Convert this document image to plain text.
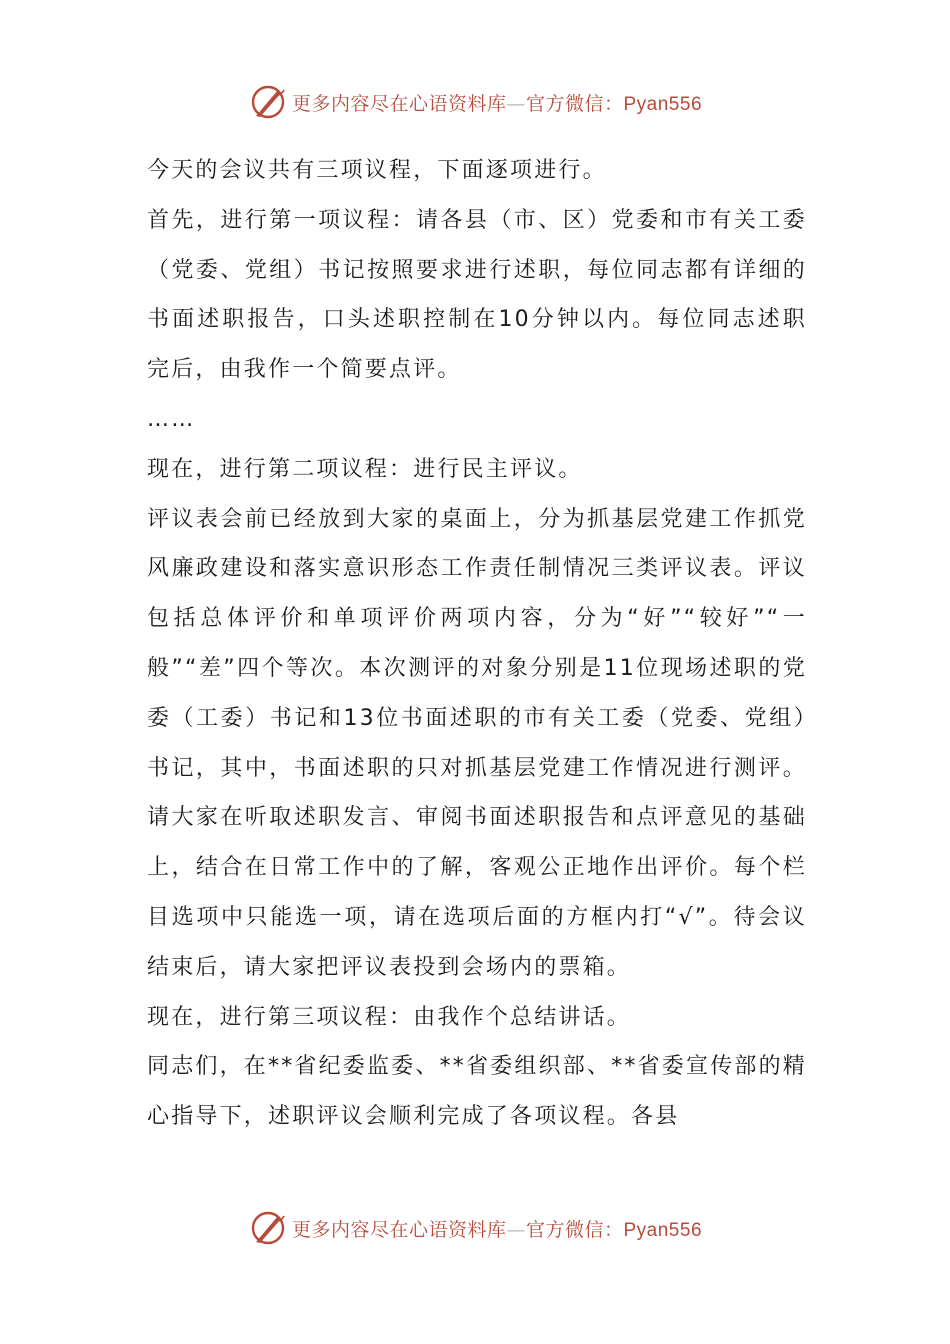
更多内容尽在心语资料库—官方微信：Pyan556

今天的会议共有三项议程，下面逐项进行。

首先，进行第一项议程：请各县（市、区）党委和市有关工委（党委、党组）书记按照要求进行述职，每位同志都有详细的书面述职报告，口头述职控制在10分钟以内。每位同志述职完后，由我作一个简要点评。

……

现在，进行第二项议程：进行民主评议。

评议表会前已经放到大家的桌面上，分为抓基层党建工作抓党风廉政建设和落实意识形态工作责任制情况三类评议表。评议包括总体评价和单项评价两项内容，分为“好”“较好”“一般”“差”四个等次。本次测评的对象分别是11位现场述职的党委（工委）书记和13位书面述职的市有关工委（党委、党组）书记，其中，书面述职的只对抓基层党建工作情况进行测评。请大家在听取述职发言、审阅书面述职报告和点评意见的基础上，结合在日常工作中的了解，客观公正地作出评价。每个栏目选项中只能选一项，请在选项后面的方框内打“√”。待会议结束后，请大家把评议表投到会场内的票箱。

现在，进行第三项议程：由我作个总结讲话。

同志们，在**省纪委监委、**省委组织部、**省委宣传部的精心指导下，述职评议会顺利完成了各项议程。各县

更多内容尽在心语资料库—官方微信：Pyan556
